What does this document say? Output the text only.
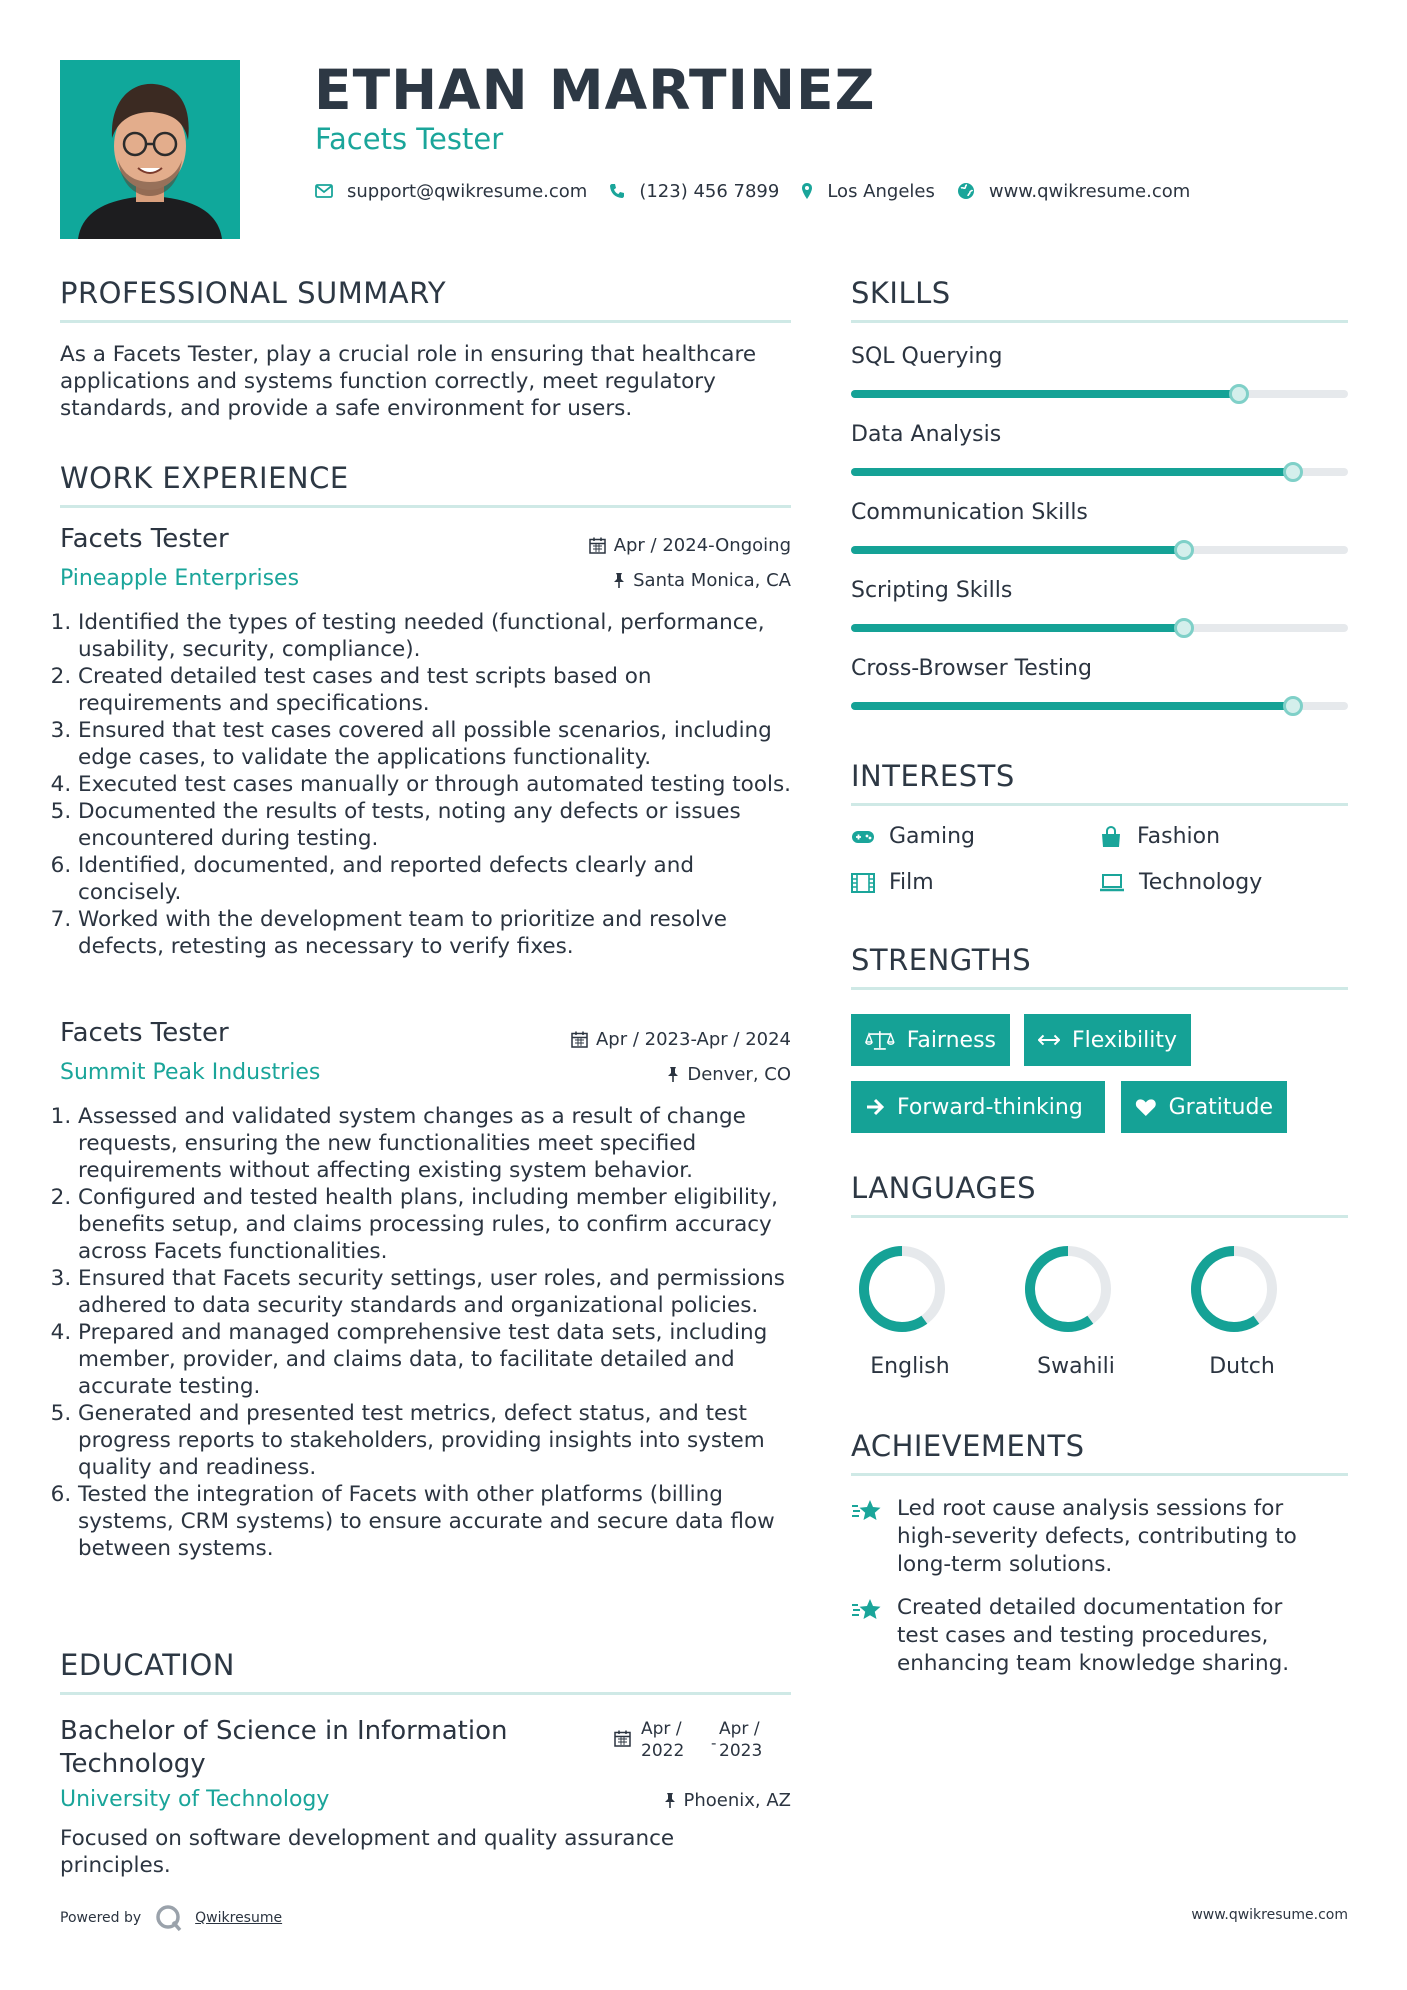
ETHAN MARTINEZ
Facets Tester
support@qwikresume.com	(123) 456 7899	Los Angeles	www.qwikresume.com
PROFESSIONAL SUMMARY
As a Facets Tester, play a crucial role in ensuring that healthcare applications and systems function correctly, meet regulatory standards, and provide a safe environment for users.
WORK EXPERIENCE
Facets Tester	Apr / 2024-Ongoing
Pineapple Enterprises	Santa Monica, CA
1. Identified the types of testing needed (functional, performance, usability, security, compliance).
2. Created detailed test cases and test scripts based on requirements and specifications.
3. Ensured that test cases covered all possible scenarios, including edge cases, to validate the applications functionality.
4. Executed test cases manually or through automated testing tools.
5. Documented the results of tests, noting any defects or issues encountered during testing.
6. Identified, documented, and reported defects clearly and concisely.
7. Worked with the development team to prioritize and resolve defects, retesting as necessary to verify fixes.
Facets Tester	Apr / 2023-Apr / 2024
Summit Peak Industries	Denver, CO
1. Assessed and validated system changes as a result of change requests, ensuring the new functionalities meet specified requirements without affecting existing system behavior.
2. Configured and tested health plans, including member eligibility, benefits setup, and claims processing rules, to confirm accuracy across Facets functionalities.
3. Ensured that Facets security settings, user roles, and permissions adhered to data security standards and organizational policies.
4. Prepared and managed comprehensive test data sets, including member, provider, and claims data, to facilitate detailed and accurate testing.
5. Generated and presented test metrics, defect status, and test progress reports to stakeholders, providing insights into system quality and readiness.
6. Tested the integration of Facets with other platforms (billing systems, CRM systems) to ensure accurate and secure data flow between systems.
EDUCATION
Bachelor of Science in Information Technology
Apr /
2022 -
Apr /
2023
University of Technology	Phoenix, AZ
Focused on software development and quality assurance principles.
SKILLS
SQL Querying
Data Analysis
Communication Skills
Scripting Skills
Cross-Browser Testing
INTERESTS
Gaming	Fashion
Film	Technology
STRENGTHS
Fairness	Flexibility
Forward-thinking	Gratitude
LANGUAGES
English	Swahili	Dutch
ACHIEVEMENTS
Led root cause analysis sessions for high-severity defects, contributing to long-term solutions.
Created detailed documentation for test cases and testing procedures, enhancing team knowledge sharing.
Powered by	Qwikresume	www.qwikresume.com
